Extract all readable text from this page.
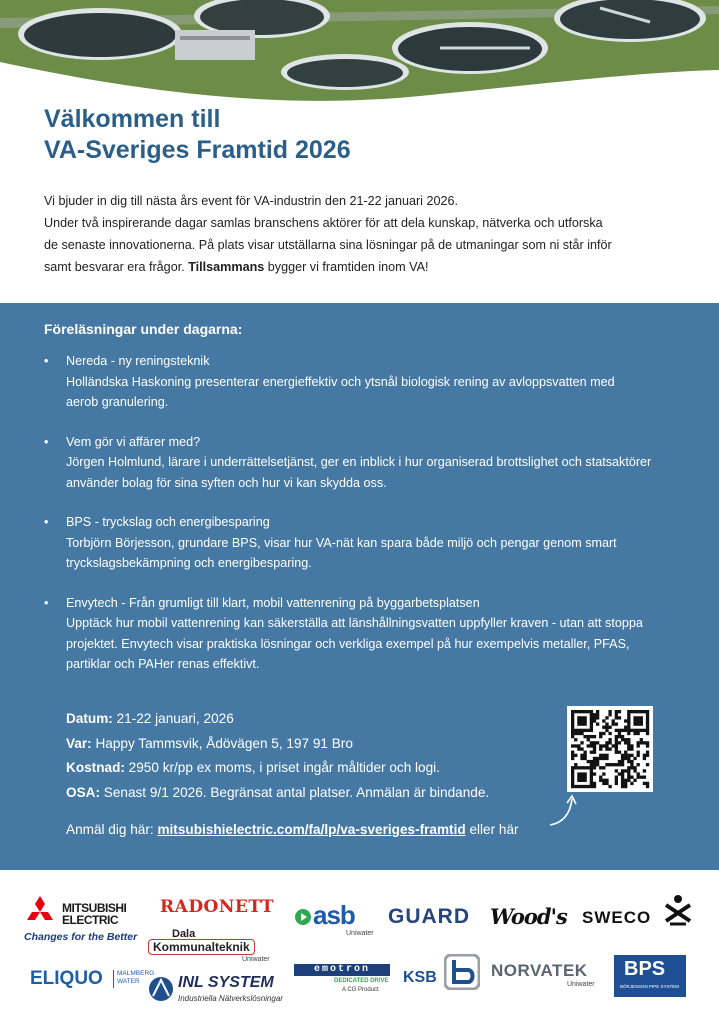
Välkommen till
VA-Sveriges Framtid 2026
Vi bjuder in dig till nästa års event för VA-industrin den 21-22 januari 2026.
Under två inspirerande dagar samlas branschens aktörer för att dela kunskap, nätverka och utforska
de senaste innovationerna. På plats visar utställarna sina lösningar på de utmaningar som ni står inför
samt besvarar era frågor. Tillsammans bygger vi framtiden inom VA!
Föreläsningar under dagarna:
• Nereda - ny reningsteknik
Holländska Haskoning presenterar energieffektiv och ytsnål biologisk rening av avloppsvatten med
aerob granulering.
• Vem gör vi affärer med?
Jörgen Holmlund, lärare i underrättelsetjänst, ger en inblick i hur organiserad brottslighet och statsaktörer
använder bolag för sina syften och hur vi kan skydda oss.
• BPS - tryckslag och energibesparing
Torbjörn Börjesson, grundare BPS, visar hur VA-nät kan spara både miljö och pengar genom smart
tryckslagsbekämpning och energibesparing.
• Envytech - Från grumligt till klart, mobil vattenrening på byggarbetsplatsen
Upptäck hur mobil vattenrening kan säkerställa att länshållningsvatten uppfyller kraven - utan att stoppa
projektet. Envytech visar praktiska lösningar och verkliga exempel på hur exempelvis metaller, PFAS,
partiklar och PAHer renas effektivt.
Datum: 21-22 januari, 2026
Var: Happy Tammsvik, Ådövägen 5, 197 91 Bro
Kostnad: 2950 kr/pp ex moms, i priset ingår måltider och logi.
OSA: Senast 9/1 2026. Begränsat antal platser. Anmälan är bindande.
Anmäl dig här: mitsubishielectric.com/fa/lp/va-sveriges-framtid eller här
MITSUBISHI
ELECTRIC
Changes for the Better
RADONETT
Dala
Kommunalteknik
Uniwater
asb
Uniwater
GUARD Wood's SWECO
ELIQUO MALMBERG
WATER	INL SYSTEM
Industriella Nätverkslösningar
emotron
DEDICATED DRIVE
A CG Product
KSB	NORVATEK
Uniwater
BPS
BÖRJESSON PIPE SYSTEM
